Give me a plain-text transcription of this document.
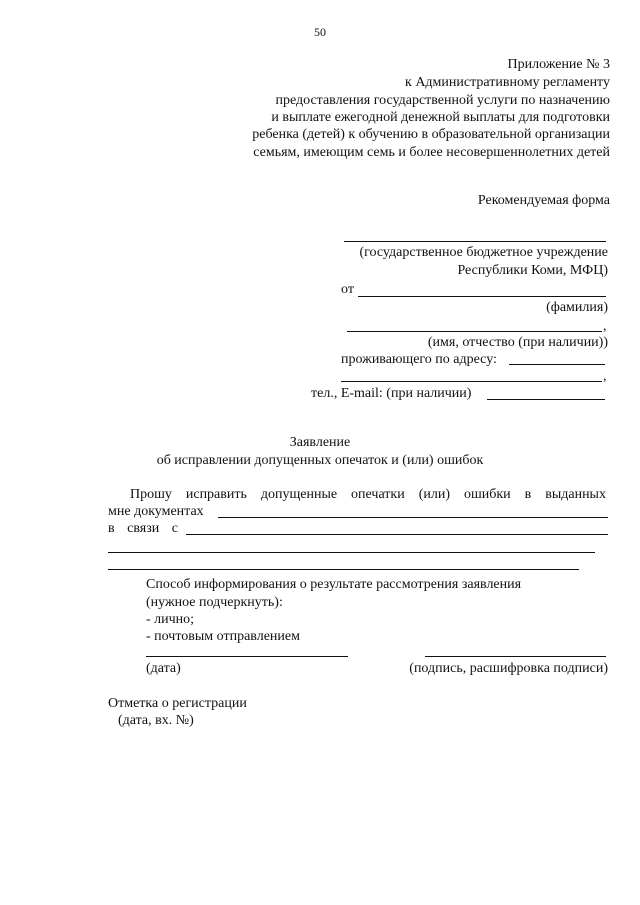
50
Приложение № 3
к Административному регламенту
предоставления государственной услуги по назначению
и выплате ежегодной денежной выплаты для подготовки
ребенка (детей) к обучению в образовательной организации
семьям, имеющим семь и более несовершеннолетних детей
Рекомендуемая форма
(государственное бюджетное учреждение
Республики Коми, МФЦ)
от
(фамилия)
,
(имя, отчество (при наличии))
проживающего по адресу:
,
тел., E-mail: (при наличии)
Заявление
об исправлении допущенных опечаток и (или) ошибок
Прошу исправить допущенные опечатки (или) ошибки в выданных
мне документах
в связи с
Способ информирования о результате рассмотрения заявления
(нужное подчеркнуть):
- лично;
- почтовым отправлением
(дата)	(подпись, расшифровка подписи)
Отметка о регистрации
(дата, вх. №)
